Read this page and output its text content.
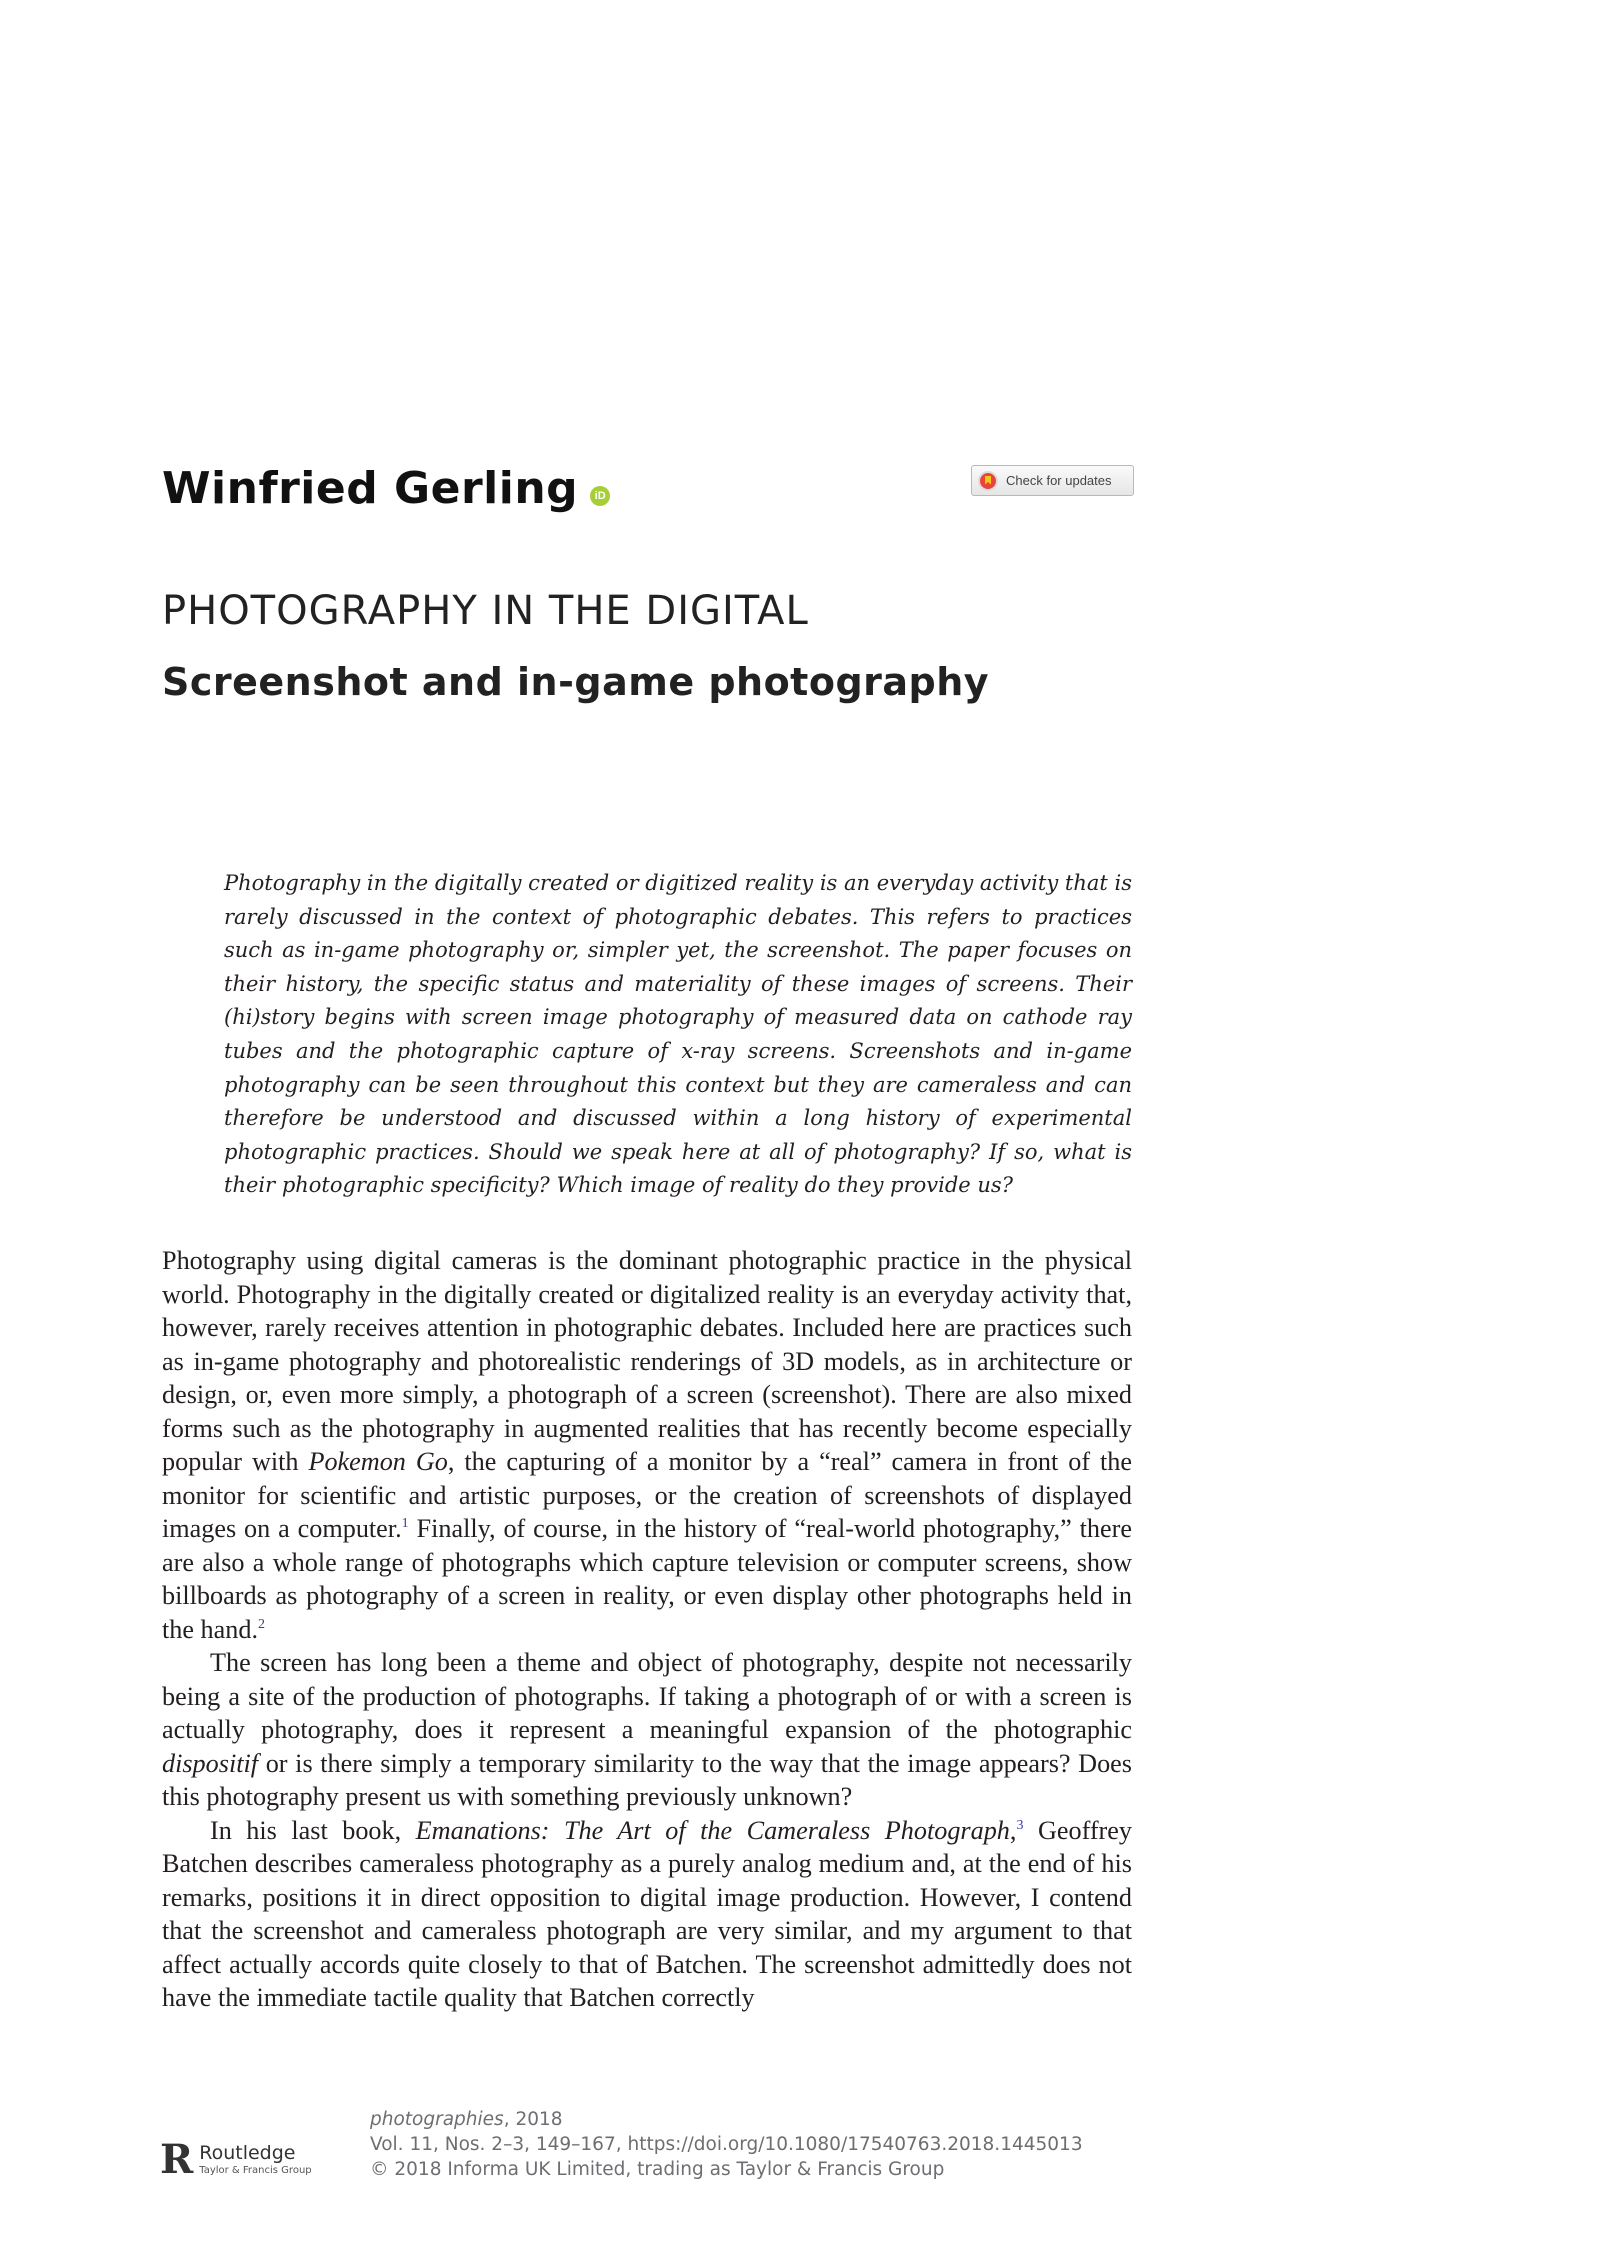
Winfried Gerling iD
Check for updates
PHOTOGRAPHY IN THE DIGITAL
Screenshot and in-game photography

Photography in the digitally created or digitized reality is an everyday activity that is rarely discussed in the context of photographic debates. This refers to practices such as in-game photography or, simpler yet, the screenshot. The paper focuses on their history, the specific status and materiality of these images of screens. Their (hi)story begins with screen image photography of measured data on cathode ray tubes and the photographic capture of x-ray screens. Screenshots and in-game photography can be seen throughout this context but they are cameraless and can therefore be understood and discussed within a long history of experimental photographic practices. Should we speak here at all of photography? If so, what is their photographic specificity? Which image of reality do they provide us?

Photography using digital cameras is the dominant photographic practice in the physical world. Photography in the digitally created or digitalized reality is an everyday activity that, however, rarely receives attention in photographic debates. Included here are practices such as in-game photography and photorealistic renderings of 3D models, as in architecture or design, or, even more simply, a photograph of a screen (screenshot). There are also mixed forms such as the photography in augmented realities that has recently become especially popular with Pokemon Go, the capturing of a monitor by a “real” camera in front of the monitor for scientific and artistic purposes, or the creation of screenshots of displayed images on a computer.$^1$ Finally, of course, in the history of “real-world photography,” there are also a whole range of photographs which capture television or computer screens, show billboards as photography of a screen in reality, or even display other photographs held in the hand.$^2$

The screen has long been a theme and object of photography, despite not necessarily being a site of the production of photographs. If taking a photograph of or with a screen is actually photography, does it represent a meaningful expansion of the photographic dispositif or is there simply a temporary similarity to the way that the image appears? Does this photography present us with something previously unknown?

In his last book, Emanations: The Art of the Cameraless Photograph,$^3$ Geoffrey Batchen describes cameraless photography as a purely analog medium and, at the end of his remarks, positions it in direct opposition to digital image production. However, I contend that the screenshot and cameraless photograph are very similar, and my argument to that affect actually accords quite closely to that of Batchen. The screenshot admittedly does not have the immediate tactile quality that Batchen correctly

R Routledge
Taylor & Francis Group
photographies, 2018
Vol. 11, Nos. 2–3, 149–167, https://doi.org/10.1080/17540763.2018.1445013
© 2018 Informa UK Limited, trading as Taylor & Francis Group
